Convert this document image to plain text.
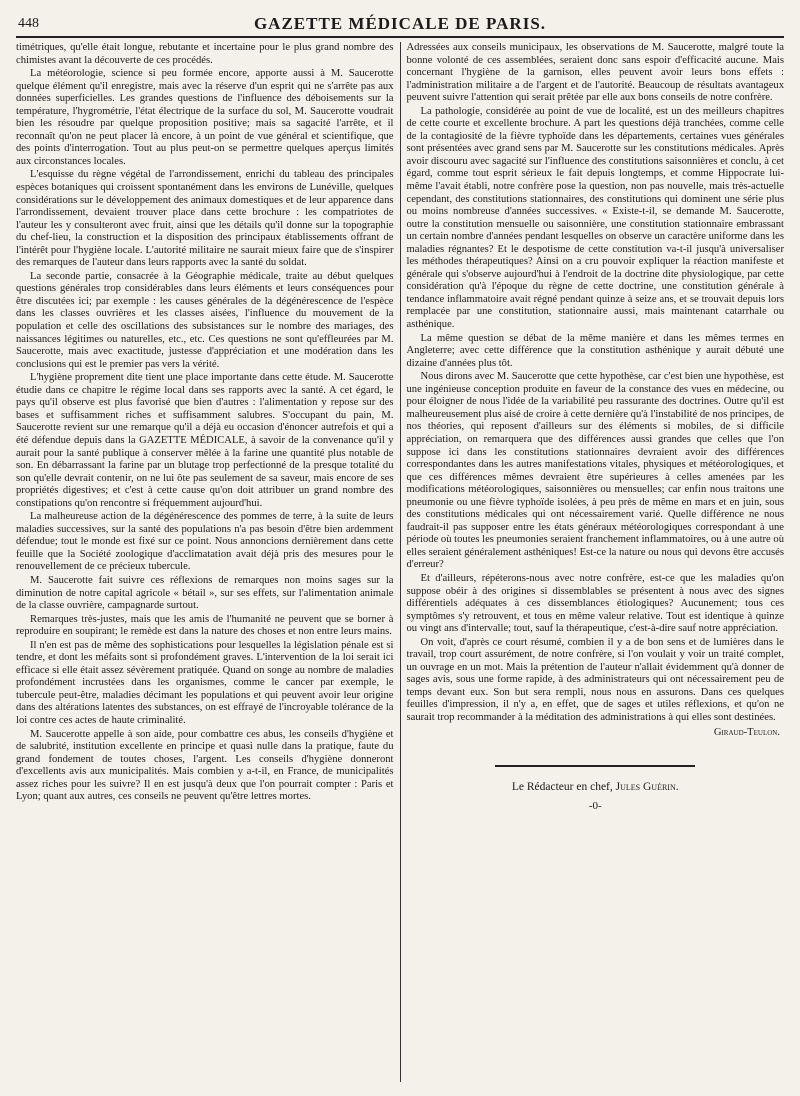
448	GAZETTE MÉDICALE DE PARIS.

timétriques, qu'elle était longue, rebutante et incertaine pour le plus grand nombre des chimistes avant la découverte de ces procédés.

La météorologie, science si peu formée encore, apporte aussi à M. Saucerotte quelque élément qu'il enregistre, mais avec la réserve d'un esprit qui ne s'arrête pas aux données superficielles. Les grandes questions de l'influence des déboisements sur la température, l'hygrométrie, l'état électrique de la surface du sol, M. Saucerotte voudrait bien les résoudre par quelque proposition positive; mais sa sagacité l'arrête, et il reconnaît qu'on ne peut placer là encore, à un point de vue général et scientifique, que des points d'interrogation. Tout au plus peut-on se permettre quelques aperçus limités aux circonstances locales.

L'esquisse du règne végétal de l'arrondissement, enrichi du tableau des principales espèces botaniques qui croissent spontanément dans les environs de Lunéville, quelques considérations sur le développement des animaux domestiques et de leur apparence dans l'arrondissement, devaient trouver place dans cette brochure : les compatriotes de l'auteur les y consulteront avec fruit, ainsi que les détails qu'il donne sur la topographie du chef-lieu, la construction et la disposition des principaux établissements offrant de l'intérêt pour l'hygiène locale. L'autorité militaire ne saurait mieux faire que de s'inspirer des remarques de l'auteur dans leurs rapports avec la santé du soldat.

La seconde partie, consacrée à la Géographie médicale, traite au début quelques questions générales trop considérables dans leurs éléments et leurs conséquences pour être discutées ici; par exemple : les causes générales de la dégénérescence de l'espèce dans les classes ouvrières et les classes aisées, l'influence du mouvement de la population et celle des oscillations des subsistances sur le nombre des mariages, des naissances légitimes ou naturelles, etc., etc. Ces questions ne sont qu'effleurées par M. Saucerotte, mais avec exactitude, justesse d'appréciation et une modération dans les conclusions qui est le premier pas vers la vérité.

L'hygiène proprement dite tient une place importante dans cette étude. M. Saucerotte étudie dans ce chapitre le régime local dans ses rapports avec la santé. A cet égard, le pays qu'il observe est plus favorisé que bien d'autres : l'alimentation y repose sur des bases et suffisamment riches et suffisamment salubres. S'occupant du pain, M. Saucerotte revient sur une remarque qu'il a déjà eu occasion d'énoncer autrefois et qui a été défendue depuis dans la GAZETTE MÉDICALE, à savoir de la convenance qu'il y aurait pour la santé publique à conserver mêlée à la farine une quantité plus notable de son. En débarrassant la farine par un blutage trop perfectionné de la presque totalité du son qu'elle devrait contenir, on ne lui ôte pas seulement de sa saveur, mais encore de ses propriétés digestives; et c'est à cette cause qu'on doit attribuer un grand nombre des constipations qu'on rencontre si fréquemment aujourd'hui.

La malheureuse action de la dégénérescence des pommes de terre, à la suite de leurs maladies successives, sur la santé des populations n'a pas besoin d'être bien ardemment défendue; tout le monde est fixé sur ce point. Nous annoncions dernièrement dans cette feuille que la Société zoologique d'acclimatation avait déjà pris des mesures pour le renouvellement de ce précieux tubercule.

M. Saucerotte fait suivre ces réflexions de remarques non moins sages sur la diminution de notre capital agricole « bétail », sur ses effets, sur l'alimentation animale de la classe ouvrière, campagnarde surtout.

Remarques très-justes, mais que les amis de l'humanité ne peuvent que se borner à reproduire en soupirant; le remède est dans la nature des choses et non entre leurs mains.

Il n'en est pas de même des sophistications pour lesquelles la législation pénale est si tendre, et dont les méfaits sont si profondément graves. L'intervention de la loi serait ici efficace si elle était assez sévèrement pratiquée. Quand on songe au nombre de maladies profondément incrustées dans les organismes, comme le cancer par exemple, le tubercule peut-être, maladies décimant les populations et qui peuvent avoir leur origine dans des altérations latentes des substances, on est effrayé de l'incroyable tolérance de la loi contre ces actes de haute criminalité.

M. Saucerotte appelle à son aide, pour combattre ces abus, les conseils d'hygiène et de salubrité, institution excellente en principe et quasi nulle dans la pratique, faute du grand fondement de toutes choses, l'argent. Les conseils d'hygiène donneront d'excellents avis aux municipalités. Mais combien y a-t-il, en France, de municipalités assez riches pour les suivre? Il en est jusqu'à deux que l'on pourrait compter : Paris et Lyon; quant aux autres, ces conseils ne peuvent qu'être lettres mortes.

Adressées aux conseils municipaux, les observations de M. Saucerotte, malgré toute la bonne volonté de ces assemblées, seraient donc sans espoir d'efficacité aucune. Mais concernant l'hygiène de la garnison, elles peuvent avoir leurs bons effets : l'administration militaire a de l'argent et de l'autorité. Beaucoup de résultats avantageux peuvent suivre l'attention qui serait prêtée par elle aux bons conseils de notre confrère.

La pathologie, considérée au point de vue de localité, est un des meilleurs chapitres de cette courte et excellente brochure. A part les questions déjà tranchées, comme celle de la contagiosité de la fièvre typhoïde dans les départements, certaines vues générales sont présentées avec grand sens par M. Saucerotte sur les constitutions médicales. Après avoir discouru avec sagacité sur l'influence des constitutions saisonnières et conclu, à cet égard, comme tout esprit sérieux le fait depuis longtemps, et comme Hippocrate lui-même l'avait établi, notre confrère pose la question, non pas nouvelle, mais très-actuelle cependant, des constitutions stationnaires, des constitutions qui dominent une série plus ou moins nombreuse d'années successives. « Existe-t-il, se demande M. Saucerotte, outre la constitution mensuelle ou saisonnière, une constitution stationnaire embrassant un certain nombre d'années pendant lesquelles on observe un caractère uniforme dans les maladies régnantes? Et le despotisme de cette constitution va-t-il jusqu'à universaliser les méthodes thérapeutiques? Ainsi on a cru pouvoir expliquer la réaction manifeste et générale qui s'observe aujourd'hui à l'endroit de la doctrine dite physiologique, par cette considération qu'à l'époque du règne de cette doctrine, une constitution générale à tendance inflammatoire avait régné pendant quinze à seize ans, et se trouvait depuis lors remplacée par une constitution, stationnaire aussi, mais maintenant catarrhale ou asthénique.

La même question se débat de la même manière et dans les mêmes termes en Angleterre; avec cette différence que la constitution asthénique y aurait débuté une dizaine d'années plus tôt.

Nous dirons avec M. Saucerotte que cette hypothèse, car c'est bien une hypothèse, est une ingénieuse conception produite en faveur de la constance des vues en médecine, ou pour éloigner de nous l'idée de la variabilité peu rassurante des doctrines. Outre qu'il est malheureusement plus aisé de croire à cette dernière qu'à l'instabilité de nos principes, de nos théories, qui reposent d'ailleurs sur des éléments si mobiles, de si difficile appréciation, on remarquera que des différences aussi grandes que celles que l'on suppose ici dans les constitutions stationnaires devraient avoir des différences correspondantes dans les autres manifestations vitales, physiques et météorologiques, et que ces différences mêmes devraient être supérieures à celles amenées par les modifications météorologiques, saisonnières ou mensuelles; car enfin nous traitons une pneumonie ou une fièvre typhoïde isolées, à peu près de même en mars et en juin, sous des constitutions médicales qui ont nécessairement varié. Quelle différence ne nous faudrait-il pas supposer entre les états généraux météorologiques correspondant à une période où toutes les pneumonies seraient franchement inflammatoires, ou à une autre où elles seraient généralement asthéniques! Est-ce la nature ou nous qui devons être accusés d'erreur?

Et d'ailleurs, répéterons-nous avec notre confrère, est-ce que les maladies qu'on suppose obéir à des origines si dissemblables se présentent à nous avec des signes différentiels adéquates à ces dissemblances étiologiques? Aucunement; tous ces symptômes s'y retrouvent, et tous en même valeur relative. Tout est identique à quinze ou vingt ans d'intervalle; tout, sauf la thérapeutique, c'est-à-dire sauf notre appréciation.

On voit, d'après ce court résumé, combien il y a de bon sens et de lumières dans le travail, trop court assurément, de notre confrère, si l'on voulait y voir un traité complet, un ouvrage en un mot. Mais la prétention de l'auteur n'allait évidemment qu'à donner de sages avis, sous une forme rapide, à des administrateurs qui ont nécessairement peu de temps devant eux. Son but sera rempli, nous nous en assurons. Dans ces quelques feuilles d'impression, il n'y a, en effet, que de sages et utiles réflexions, et qu'on ne saurait trop recommander à la méditation des administrations à qui elles sont destinées.

Giraud-Teulon.
Le Rédacteur en chef, Jules Guérin.
-0-
